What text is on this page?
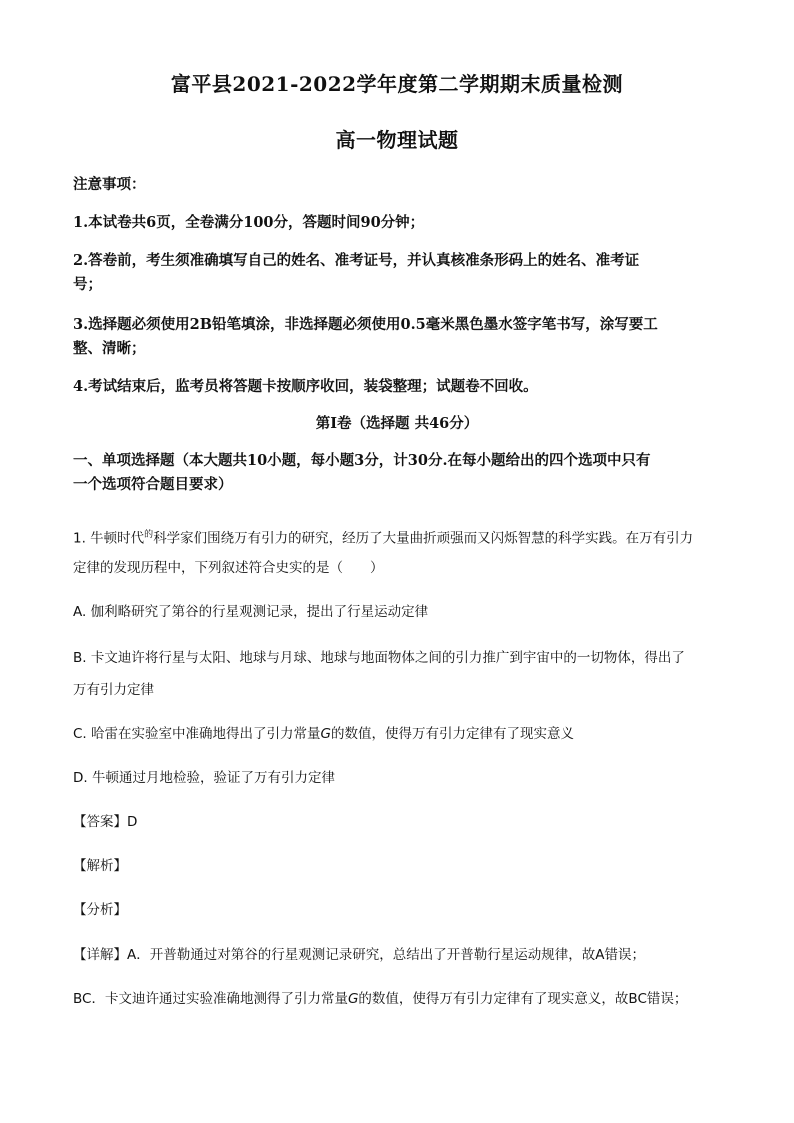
富平县2021-2022学年度第二学期期末质量检测
高一物理试题
注意事项：
1.本试卷共6页，全卷满分100分，答题时间90分钟；
2.答卷前，考生须准确填写自己的姓名、准考证号，并认真核准条形码上的姓名、准考证
号；
3.选择题必须使用2B铅笔填涂，非选择题必须使用0.5毫米黑色墨水签字笔书写，涂写要工
整、清晰；
4.考试结束后，监考员将答题卡按顺序收回，装袋整理；试题卷不回收。
第I卷（选择题 共46分）
一、单项选择题（本大题共10小题，每小题3分，计30分.在每小题给出的四个选项中只有
一个选项符合题目要求）
1. 牛顿时代$^的$科学家们围绕万有引力的研究，经历了大量曲折顽强而又闪烁智慧的科学实践。在万有引力
定律的发现历程中，下列叙述符合史实的是（　　）
A. 伽利略研究了第谷的行星观测记录，提出了行星运动定律
B. 卡文迪许将行星与太阳、地球与月球、地球与地面物体之间的引力推广到宇宙中的一切物体，得出了
万有引力定律
C. 哈雷在实验室中准确地得出了引力常量G的数值，使得万有引力定律有了现实意义
D. 牛顿通过月地检验，验证了万有引力定律
【答案】D
【解析】
【分析】
【详解】A．开普勒通过对第谷的行星观测记录研究，总结出了开普勒行星运动规律，故A错误；
BC．卡文迪许通过实验准确地测得了引力常量G的数值，使得万有引力定律有了现实意义，故BC错误；
